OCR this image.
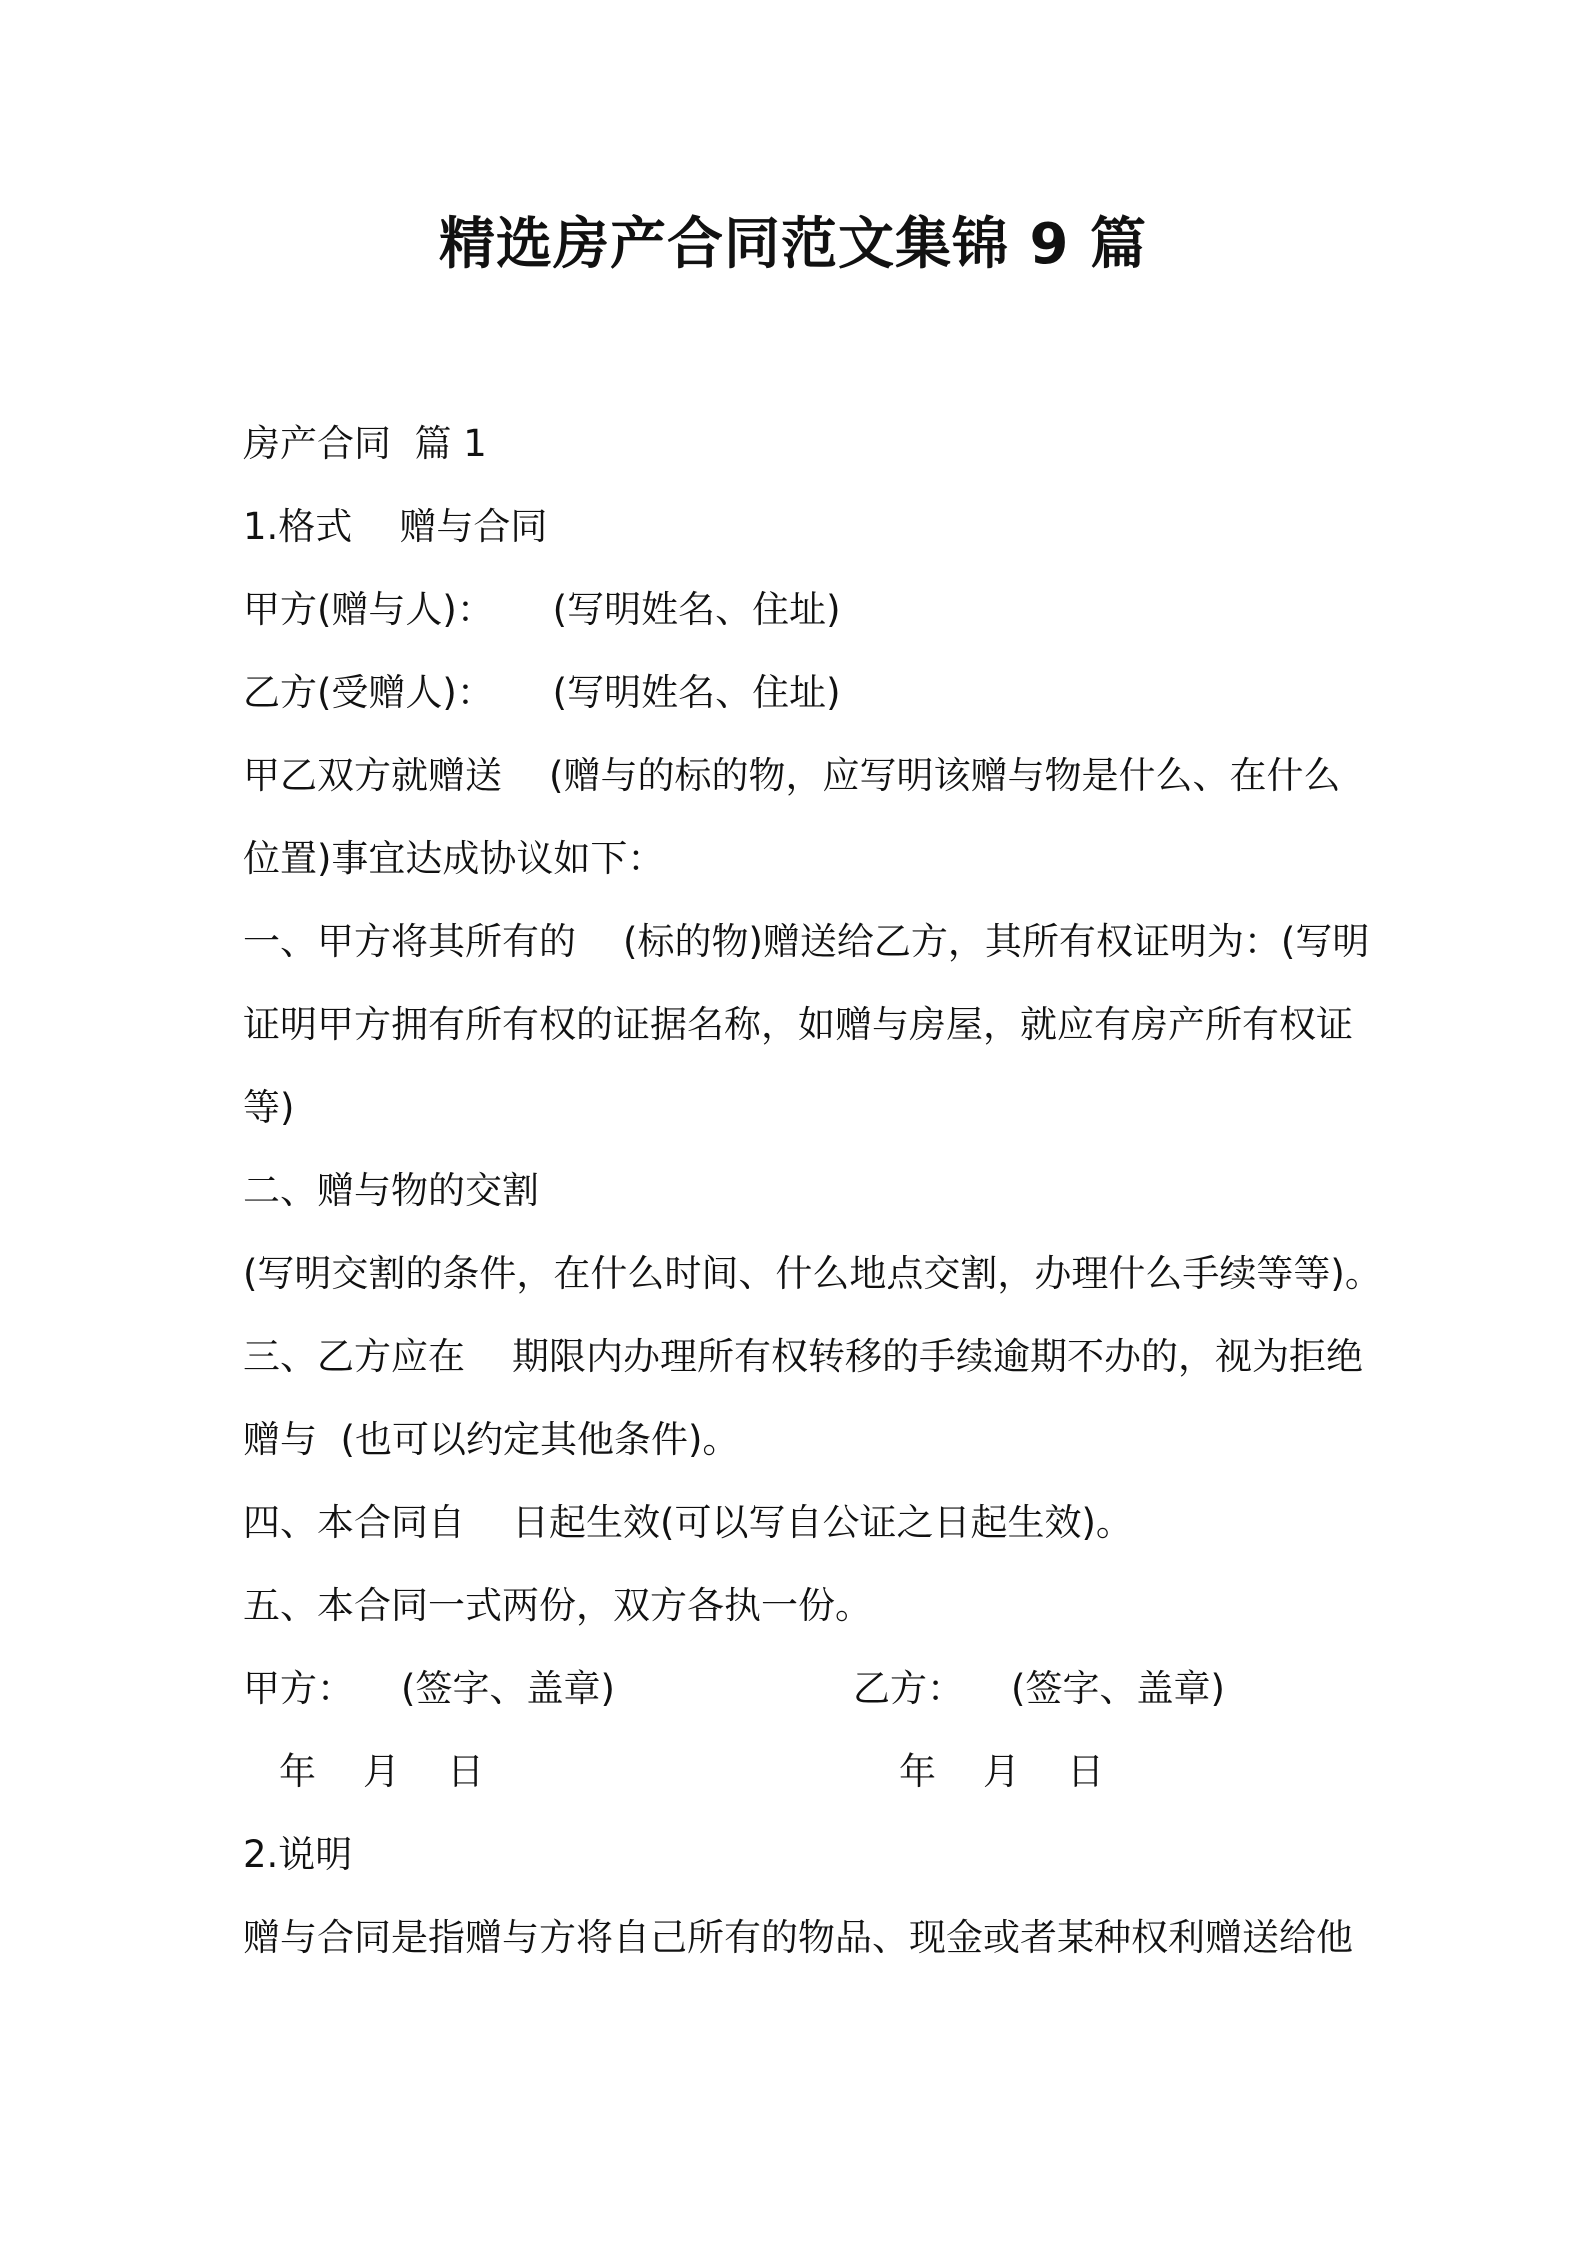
精选房产合同范文集锦 9 篇
房产合同  篇 1
1.格式    赠与合同
甲方(赠与人)：     (写明姓名、住址)
乙方(受赠人)：     (写明姓名、住址)
甲乙双方就赠送    (赠与的标的物，应写明该赠与物是什么、在什么
位置)事宜达成协议如下：
一、甲方将其所有的    (标的物)赠送给乙方，其所有权证明为：(写明
证明甲方拥有所有权的证据名称，如赠与房屋，就应有房产所有权证
等)
二、赠与物的交割
(写明交割的条件，在什么时间、什么地点交割，办理什么手续等等)。
三、乙方应在    期限内办理所有权转移的手续逾期不办的，视为拒绝
赠与  (也可以约定其他条件)。
四、本合同自    日起生效(可以写自公证之日起生效)。
五、本合同一式两份，双方各执一份。
甲方：    (签字、盖章)	乙方：    (签字、盖章)
年    月    日	年    月    日
2.说明
赠与合同是指赠与方将自己所有的物品、现金或者某种权利赠送给他
